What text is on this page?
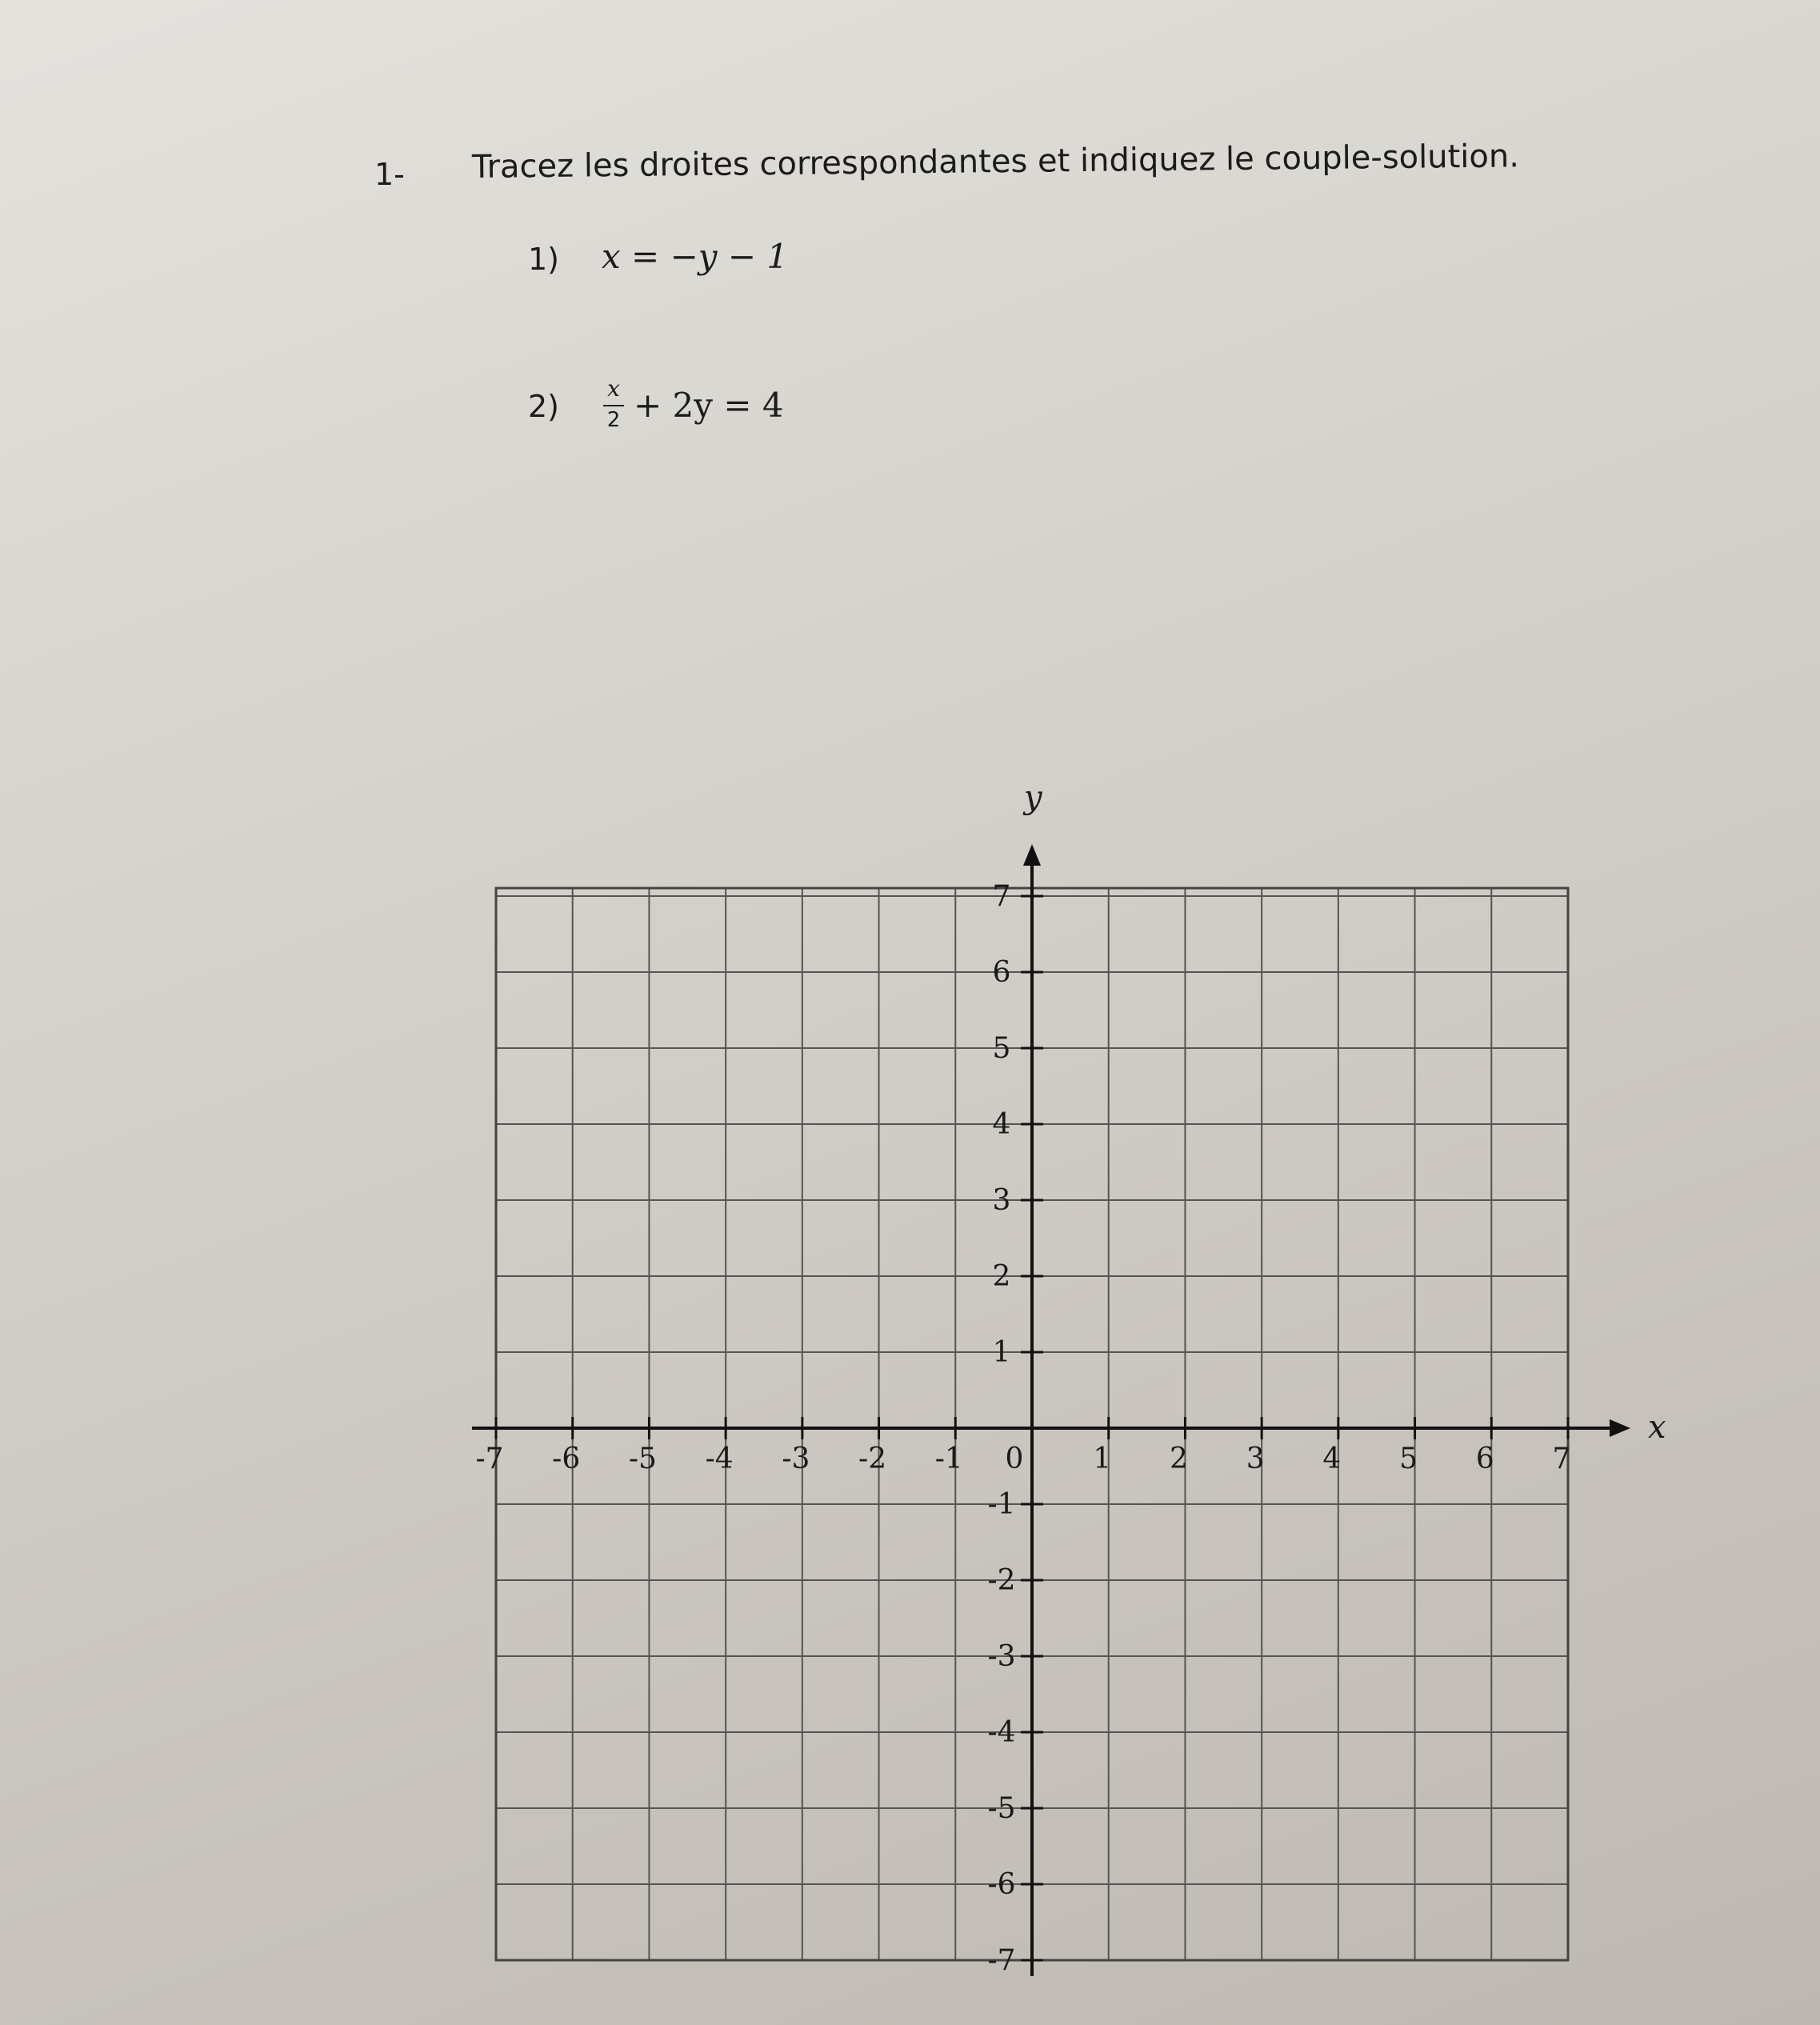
1- Tracez les droites correspondantes et indiquez le couple-solution.
1) x = −y − 1
2)
x
2 + 2y = 4
-7 -6 -5 -4 -3 -2 -1 0 1 2 3 4 5 6 7
7
6
5
4
3
2
1
-1
-2
-3
-4
-5
-6
-7
x
y
